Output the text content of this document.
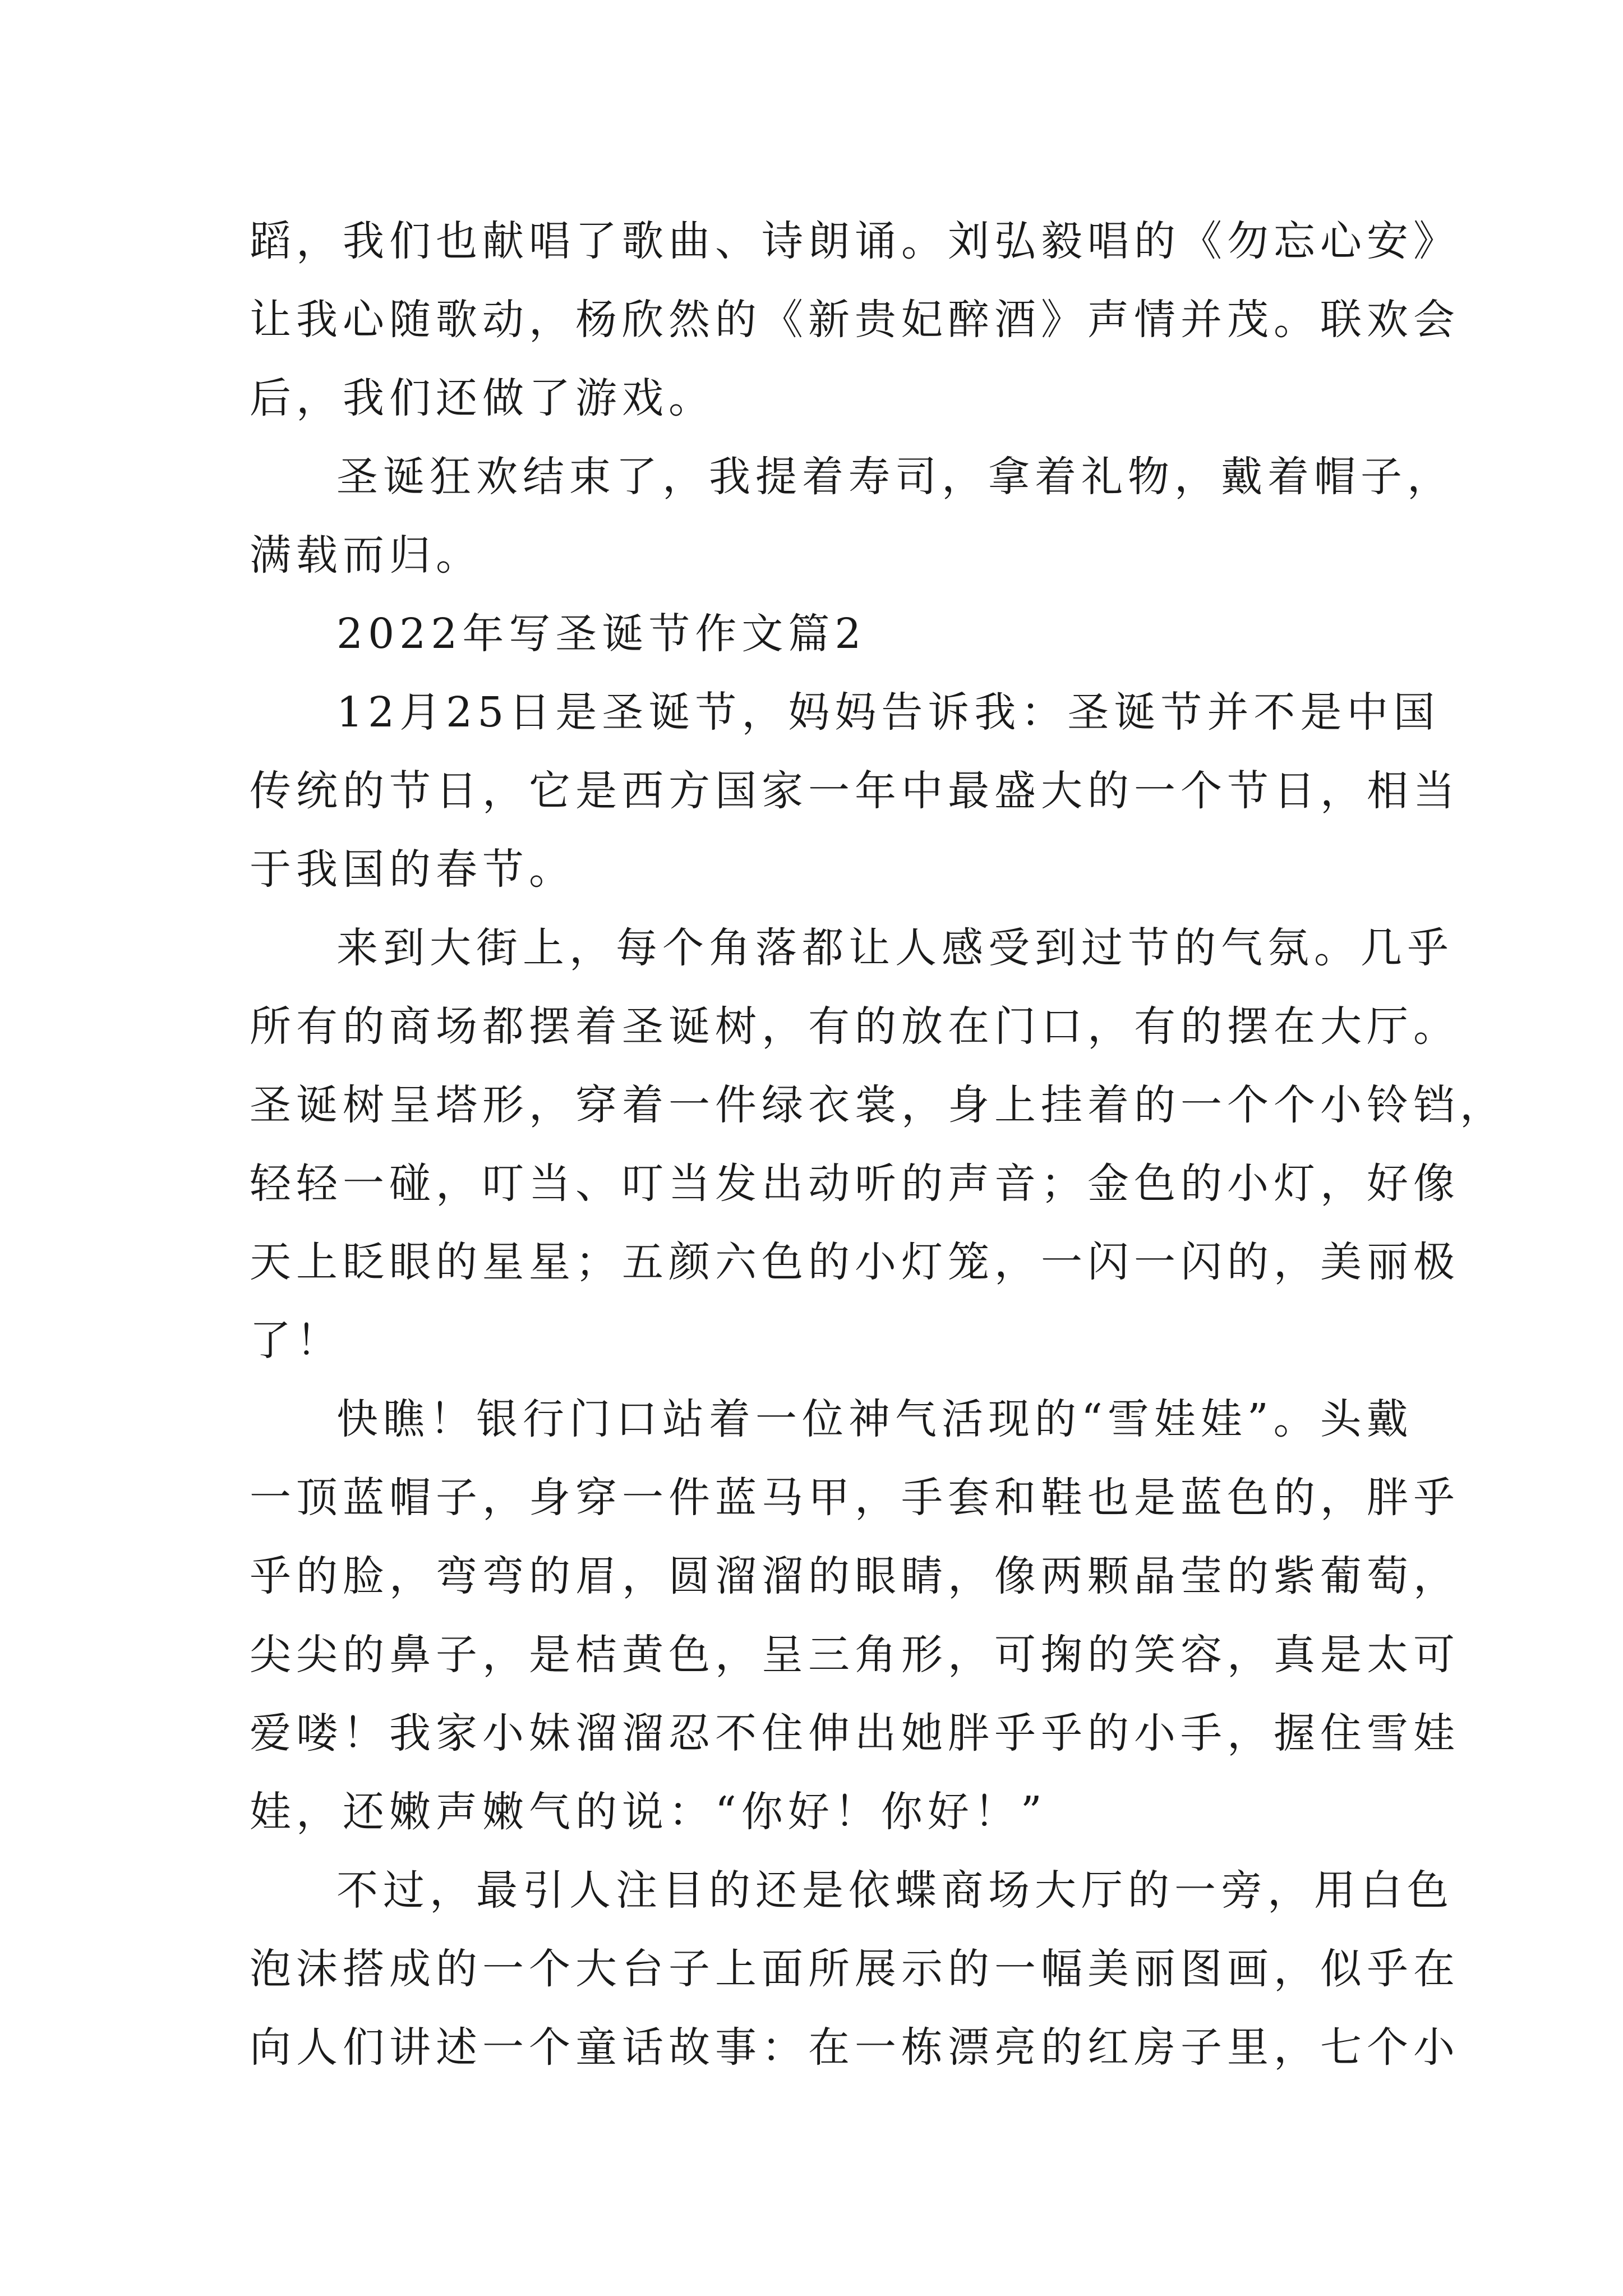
蹈，我们也献唱了歌曲、诗朗诵。刘弘毅唱的《勿忘心安》
让我心随歌动，杨欣然的《新贵妃醉酒》声情并茂。联欢会
后，我们还做了游戏。
圣诞狂欢结束了，我提着寿司，拿着礼物，戴着帽子，
满载而归。
2022年写圣诞节作文篇2
12月25日是圣诞节，妈妈告诉我：圣诞节并不是中国
传统的节日，它是西方国家一年中最盛大的一个节日，相当
于我国的春节。
来到大街上，每个角落都让人感受到过节的气氛。几乎
所有的商场都摆着圣诞树，有的放在门口，有的摆在大厅。
圣诞树呈塔形，穿着一件绿衣裳，身上挂着的一个个小铃铛，
轻轻一碰，叮当、叮当发出动听的声音；金色的小灯，好像
天上眨眼的星星；五颜六色的小灯笼，一闪一闪的，美丽极
了！
快瞧！银行门口站着一位神气活现的“雪娃娃”。头戴
一顶蓝帽子，身穿一件蓝马甲，手套和鞋也是蓝色的，胖乎
乎的脸，弯弯的眉，圆溜溜的眼睛，像两颗晶莹的紫葡萄，
尖尖的鼻子，是桔黄色，呈三角形，可掬的笑容，真是太可
爱喽！我家小妹溜溜忍不住伸出她胖乎乎的小手，握住雪娃
娃，还嫩声嫩气的说：“你好！你好！”
不过，最引人注目的还是依蝶商场大厅的一旁，用白色
泡沫搭成的一个大台子上面所展示的一幅美丽图画，似乎在
向人们讲述一个童话故事：在一栋漂亮的红房子里，七个小
